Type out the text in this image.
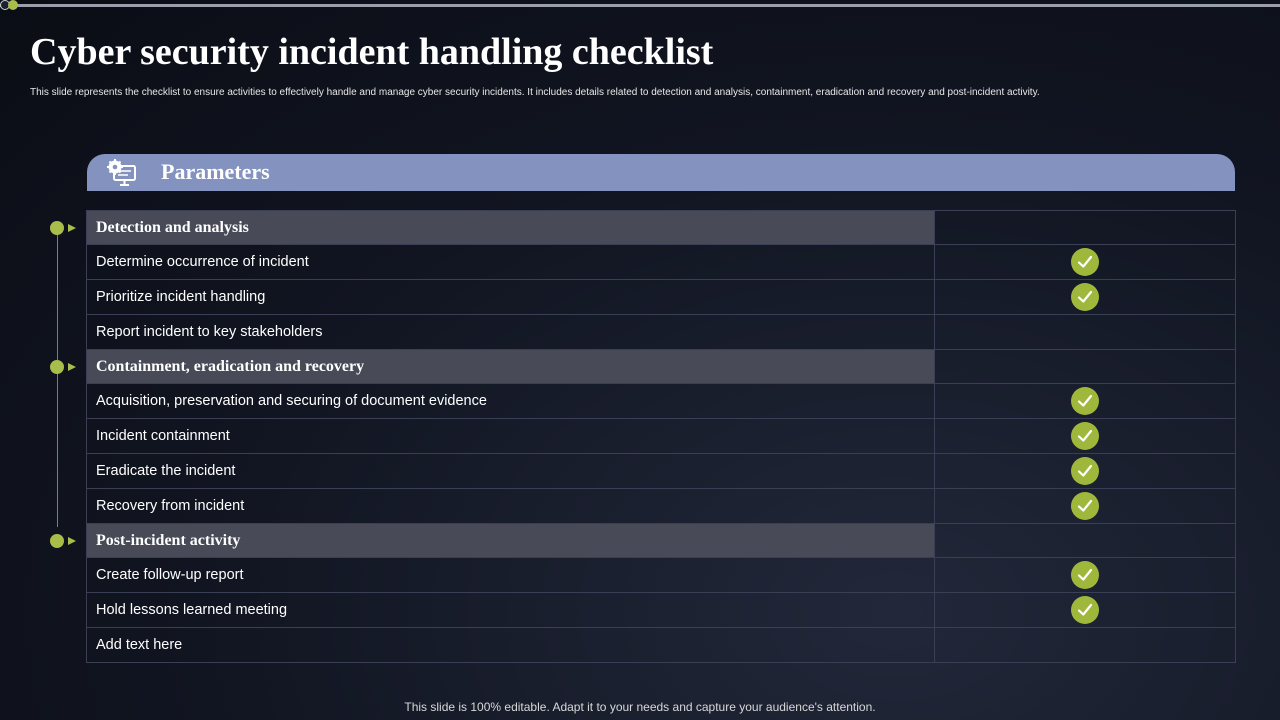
Cyber security incident handling checklist
This slide represents the checklist to ensure activities to effectively handle and manage cyber security incidents. It includes details related to detection and analysis, containment, eradication and recovery and post-incident activity.
Parameters
Detection and analysis	
Determine occurrence of incident	

Prioritize incident handling	

Report incident to key stakeholders	
Containment, eradication and recovery	
Acquisition, preservation and securing of document evidence	

Incident containment	

Eradicate the incident	

Recovery from incident	

Post-incident activity	
Create follow-up report	

Hold lessons learned meeting	

Add text here	
This slide is 100% editable. Adapt it to your needs and capture your audience's attention.
